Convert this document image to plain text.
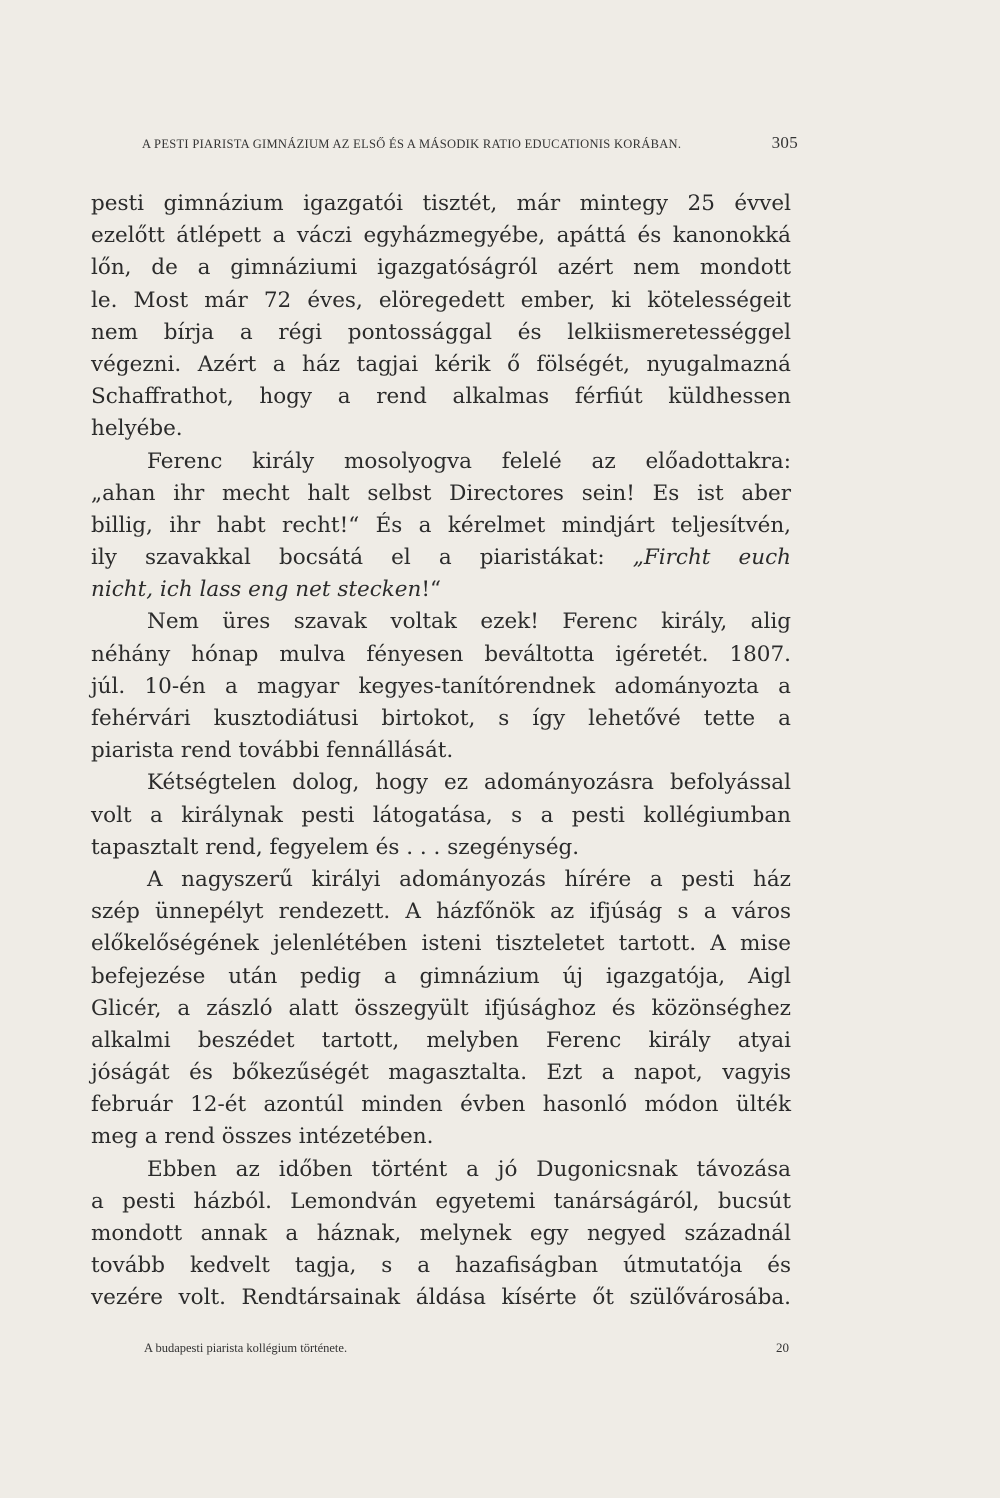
A PESTI PIARISTA GIMNÁZIUM AZ ELSŐ ÉS A MÁSODIK RATIO EDUCATIONIS KORÁBAN.	305
pesti gimnázium igazgatói tisztét, már mintegy 25 évvel
ezelőtt átlépett a váczi egyházmegyébe, apáttá és kanonokká
lőn, de a gimnáziumi igazgatóságról azért nem mondott
le. Most már 72 éves, elöregedett ember, ki kötelességeit
nem bírja a régi pontossággal és lelkiismeretességgel
végezni. Azért a ház tagjai kérik ő fölségét, nyugalmazná
Schaffrathot, hogy a rend alkalmas férfiút küldhessen
helyébe.
Ferenc király mosolyogva felelé az előadottakra:
„ahan ihr mecht halt selbst Directores sein! Es ist aber
billig, ihr habt recht!“ És a kérelmet mindjárt teljesítvén,
ily szavakkal bocsátá el a piaristákat: „Fircht euch
nicht, ich lass eng net stecken!“
Nem üres szavak voltak ezek! Ferenc király, alig
néhány hónap mulva fényesen beváltotta igéretét. 1807.
júl. 10-én a magyar kegyes-tanítórendnek adományozta a
fehérvári kusztodiátusi birtokot, s így lehetővé tette a
piarista rend további fennállását.
Kétségtelen dolog, hogy ez adományozásra befolyással
volt a királynak pesti látogatása, s a pesti kollégiumban
tapasztalt rend, fegyelem és . . . szegénység.
A nagyszerű királyi adományozás hírére a pesti ház
szép ünnepélyt rendezett. A házfőnök az ifjúság s a város
előkelőségének jelenlétében isteni tiszteletet tartott. A mise
befejezése után pedig a gimnázium új igazgatója, Aigl
Glicér, a zászló alatt összegyült ifjúsághoz és közönséghez
alkalmi beszédet tartott, melyben Ferenc király atyai
jóságát és bőkezűségét magasztalta. Ezt a napot, vagyis
február 12-ét azontúl minden évben hasonló módon ülték
meg a rend összes intézetében.
Ebben az időben történt a jó Dugonicsnak távozása
a pesti házból. Lemondván egyetemi tanárságáról, bucsút
mondott annak a háznak, melynek egy negyed századnál
tovább kedvelt tagja, s a hazafiságban útmutatója és
vezére volt. Rendtársainak áldása kísérte őt szülővárosába.
A budapesti piarista kollégium története.	20
